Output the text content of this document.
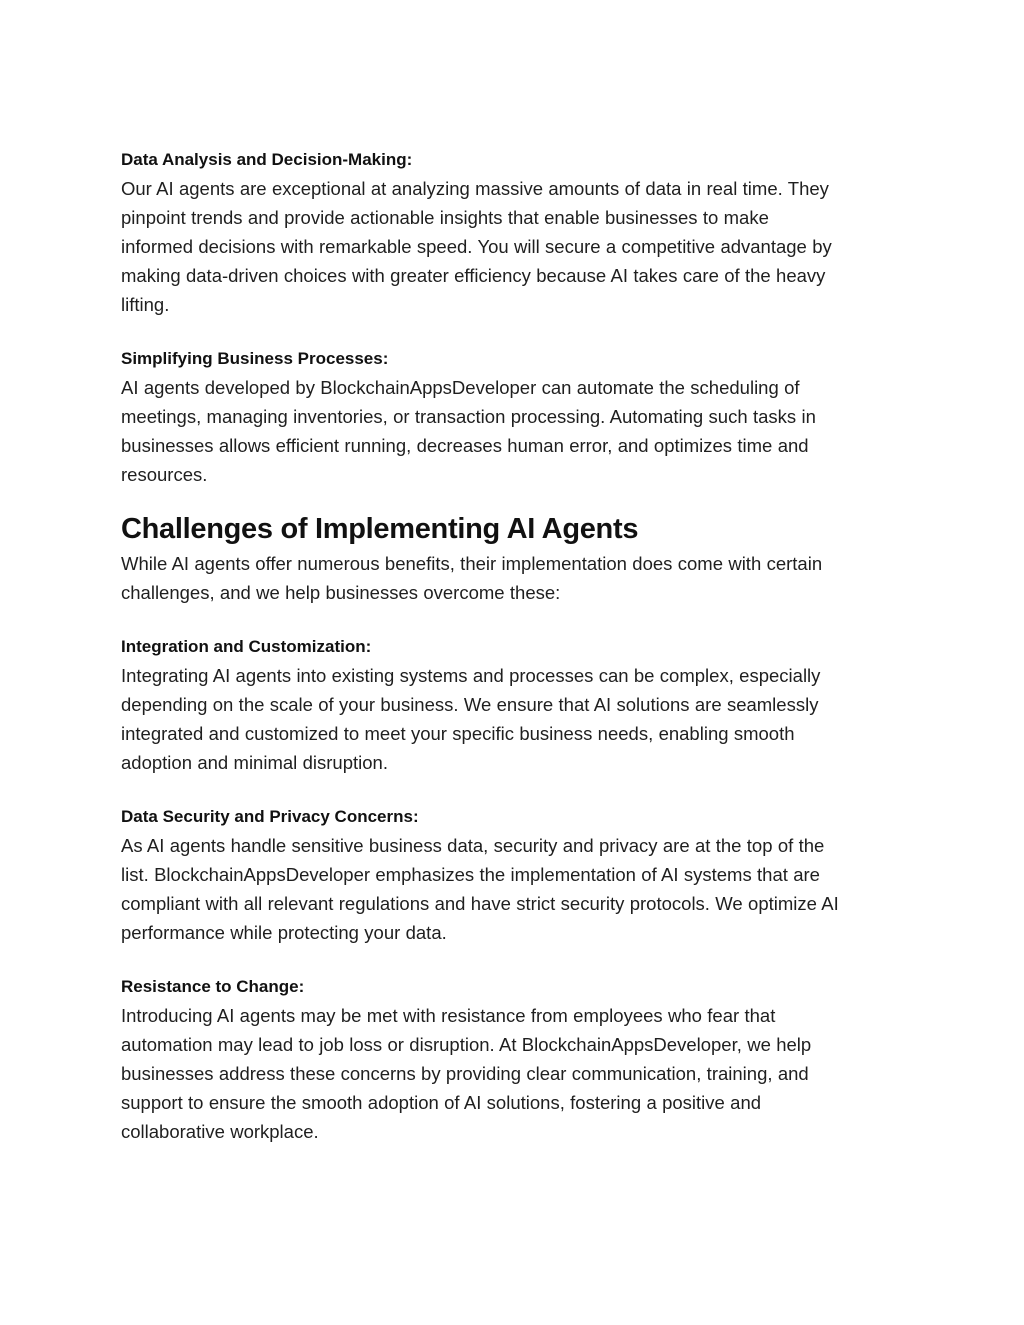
Data Analysis and Decision-Making:

Our AI agents are exceptional at analyzing massive amounts of data in real time. They

pinpoint trends and provide actionable insights that enable businesses to make

informed decisions with remarkable speed. You will secure a competitive advantage by

making data-driven choices with greater efficiency because AI takes care of the heavy

lifting.

Simplifying Business Processes:

AI agents developed by BlockchainAppsDeveloper can automate the scheduling of

meetings, managing inventories, or transaction processing. Automating such tasks in

businesses allows efficient running, decreases human error, and optimizes time and

resources.

Challenges of Implementing AI Agents

While AI agents offer numerous benefits, their implementation does come with certain

challenges, and we help businesses overcome these:

Integration and Customization:

Integrating AI agents into existing systems and processes can be complex, especially

depending on the scale of your business. We ensure that AI solutions are seamlessly

integrated and customized to meet your specific business needs, enabling smooth

adoption and minimal disruption.

Data Security and Privacy Concerns:

As AI agents handle sensitive business data, security and privacy are at the top of the

list. BlockchainAppsDeveloper emphasizes the implementation of AI systems that are

compliant with all relevant regulations and have strict security protocols. We optimize AI

performance while protecting your data.

Resistance to Change:

Introducing AI agents may be met with resistance from employees who fear that

automation may lead to job loss or disruption. At BlockchainAppsDeveloper, we help

businesses address these concerns by providing clear communication, training, and

support to ensure the smooth adoption of AI solutions, fostering a positive and

collaborative workplace.
